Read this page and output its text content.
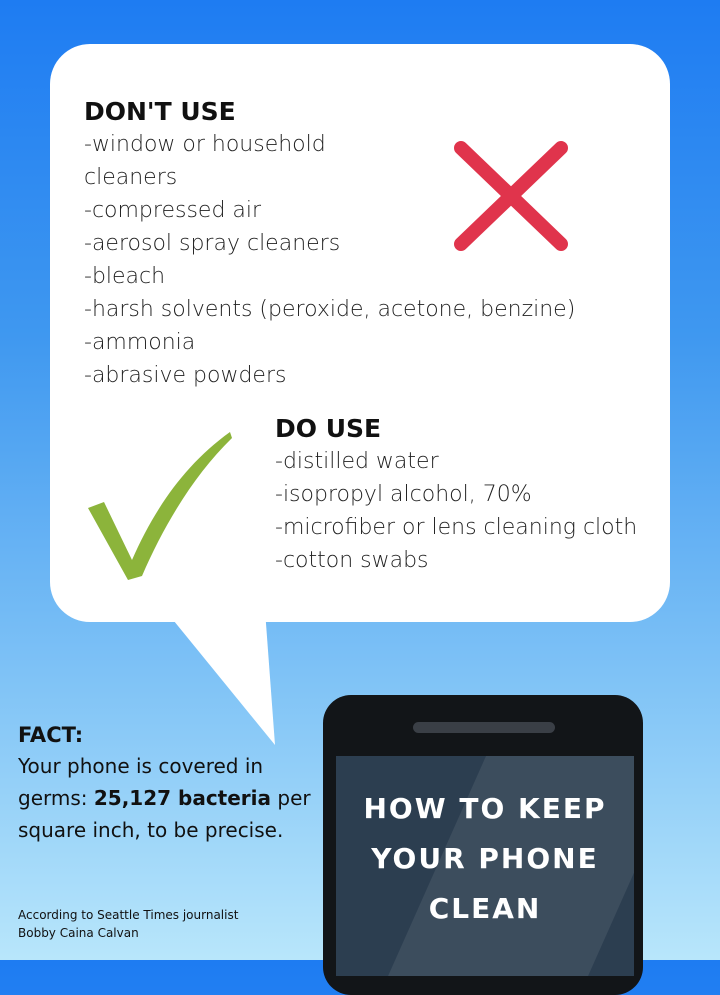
DON'T USE

-window or household

cleaners

-compressed air

-aerosol spray cleaners

-bleach

-harsh solvents (peroxide, acetone, benzine)

-ammonia

-abrasive powders

DO USE

-distilled water

-isopropyl alcohol, 70%

-microfiber or lens cleaning cloth

-cotton swabs

FACT:

Your phone is covered in germs: 25,127 bacteria per square inch, to be precise.

According to Seattle Times journalist
Bobby Caina Calvan
HOW TO KEEP
YOUR PHONE
CLEAN
